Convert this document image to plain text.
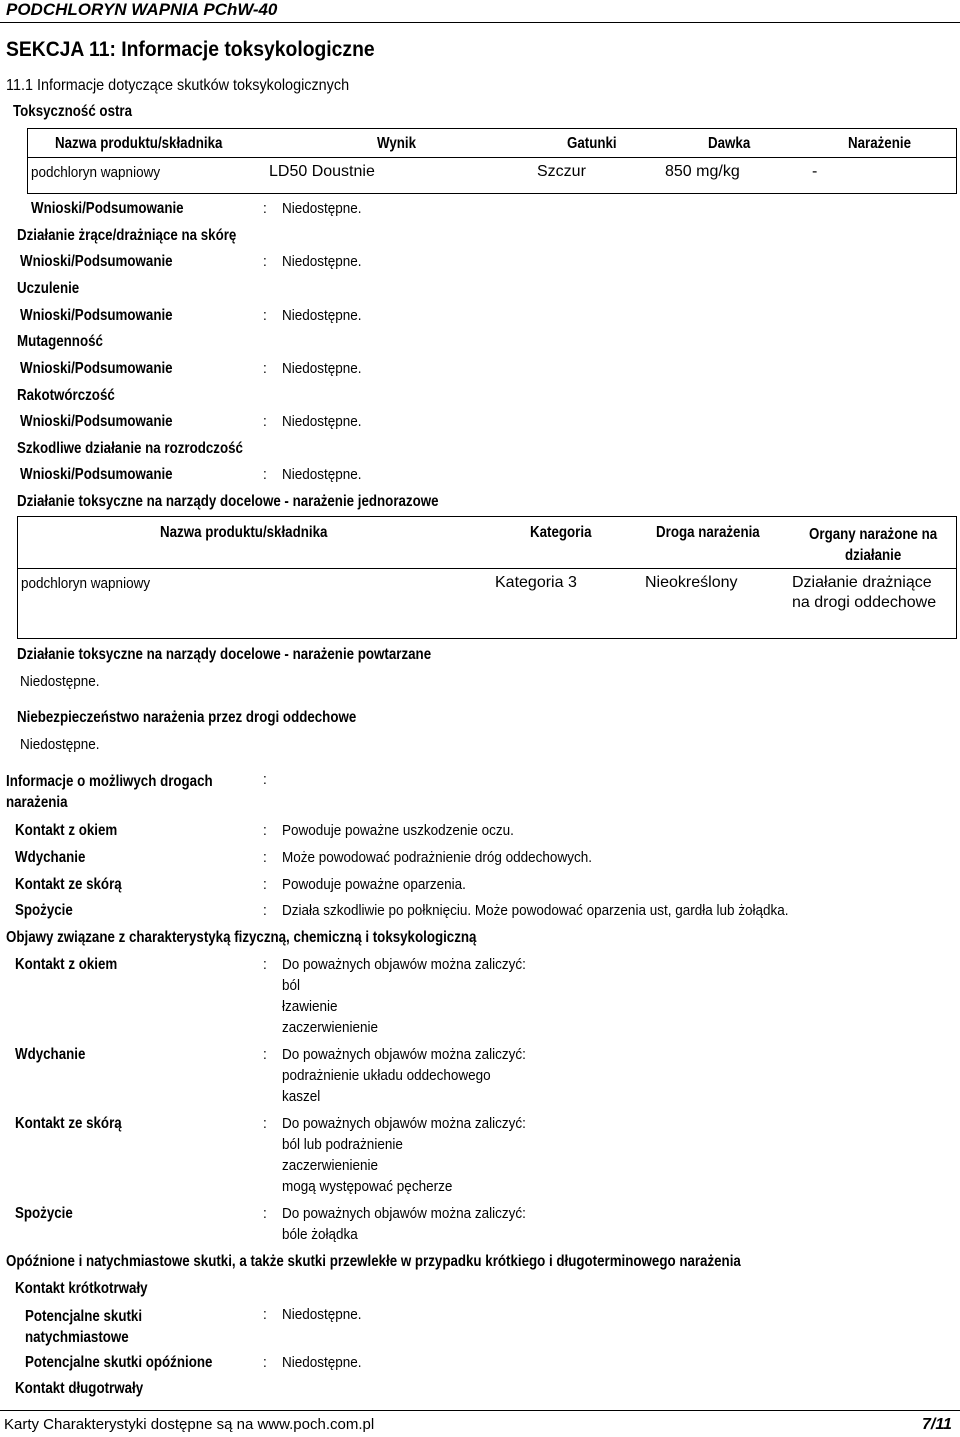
PODCHLORYN WAPNIA PChW-40
SEKCJA 11: Informacje toksykologiczne
11.1 Informacje dotyczące skutków toksykologicznych
Toksyczność ostra
Nazwa produktu/składnika	Wynik	Gatunki	Dawka	Narażenie
podchloryn wapniowy	LD50 Doustnie	Szczur	850 mg/kg	-
Wnioski/Podsumowanie	: Niedostępne.
Działanie żrące/drażniące na skórę
Wnioski/Podsumowanie	: Niedostępne.
Uczulenie
Wnioski/Podsumowanie	: Niedostępne.
Mutagenność
Wnioski/Podsumowanie	: Niedostępne.
Rakotwórczość
Wnioski/Podsumowanie	: Niedostępne.
Szkodliwe działanie na rozrodczość
Wnioski/Podsumowanie	: Niedostępne.
Działanie toksyczne na narządy docelowe - narażenie jednorazowe
Nazwa produktu/składnika	Kategoria	Droga narażenia	Organy narażone na działanie
podchloryn wapniowy	Kategoria 3	Nieokreślony	Działanie drażniące na drogi oddechowe
Działanie toksyczne na narządy docelowe - narażenie powtarzane
Niedostępne.
Niebezpieczeństwo narażenia przez drogi oddechowe
Niedostępne.
Informacje o możliwych drogach narażenia
:
Kontakt z okiem	: Powoduje poważne uszkodzenie oczu.
Wdychanie	: Może powodować podrażnienie dróg oddechowych.
Kontakt ze skórą	: Powoduje poważne oparzenia.
Spożycie	: Działa szkodliwie po połknięciu. Może powodować oparzenia ust, gardła lub żołądka.
Objawy związane z charakterystyką fizyczną, chemiczną i toksykologiczną
Kontakt z okiem	: Do poważnych objawów można zaliczyć:
ból
łzawienie
zaczerwienienie
Wdychanie	: Do poważnych objawów można zaliczyć:
podrażnienie układu oddechowego
kaszel
Kontakt ze skórą	: Do poważnych objawów można zaliczyć:
ból lub podrażnienie
zaczerwienienie
mogą występować pęcherze
Spożycie	: Do poważnych objawów można zaliczyć:
bóle żołądka
Opóźnione i natychmiastowe skutki, a także skutki przewlekłe w przypadku krótkiego i długoterminowego narażenia
Kontakt krótkotrwały
Potencjalne skutki natychmiastowe
: Niedostępne.
Potencjalne skutki opóźnione	: Niedostępne.
Kontakt długotrwały
Karty Charakterystyki dostępne są na www.poch.com.pl	7/11
